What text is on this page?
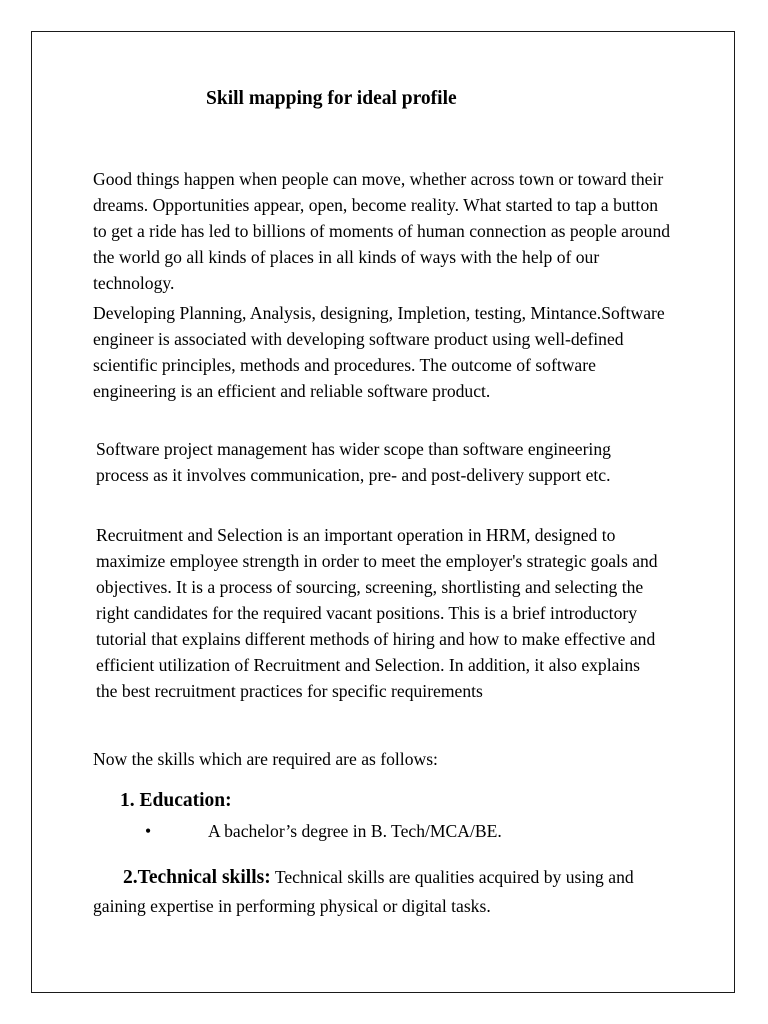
Skill mapping for ideal profile

Good things happen when people can move, whether across town or toward their dreams. Opportunities appear, open, become reality. What started to tap a button to get a ride has led to billions of moments of human connection as people around the world go all kinds of places in all kinds of ways with the help of our technology.

Developing Planning, Analysis, designing, Impletion, testing, Mintance.Software engineer is associated with developing software product using well-defined scientific principles, methods and procedures. The outcome of software engineering is an efficient and reliable software product.

Software project management has wider scope than software engineering process as it involves communication, pre- and post-delivery support etc.

Recruitment and Selection is an important operation in HRM, designed to maximize employee strength in order to meet the employer's strategic goals and objectives. It is a process of sourcing, screening, shortlisting and selecting the right candidates for the required vacant positions. This is a brief introductory tutorial that explains different methods of hiring and how to make effective and efficient utilization of Recruitment and Selection. In addition, it also explains the best recruitment practices for specific requirements

Now the skills which are required are as follows:

1. Education:
•	A bachelor’s degree in B. Tech/MCA/BE.

2.Technical skills: Technical skills are qualities acquired by using and gaining expertise in performing physical or digital tasks.
